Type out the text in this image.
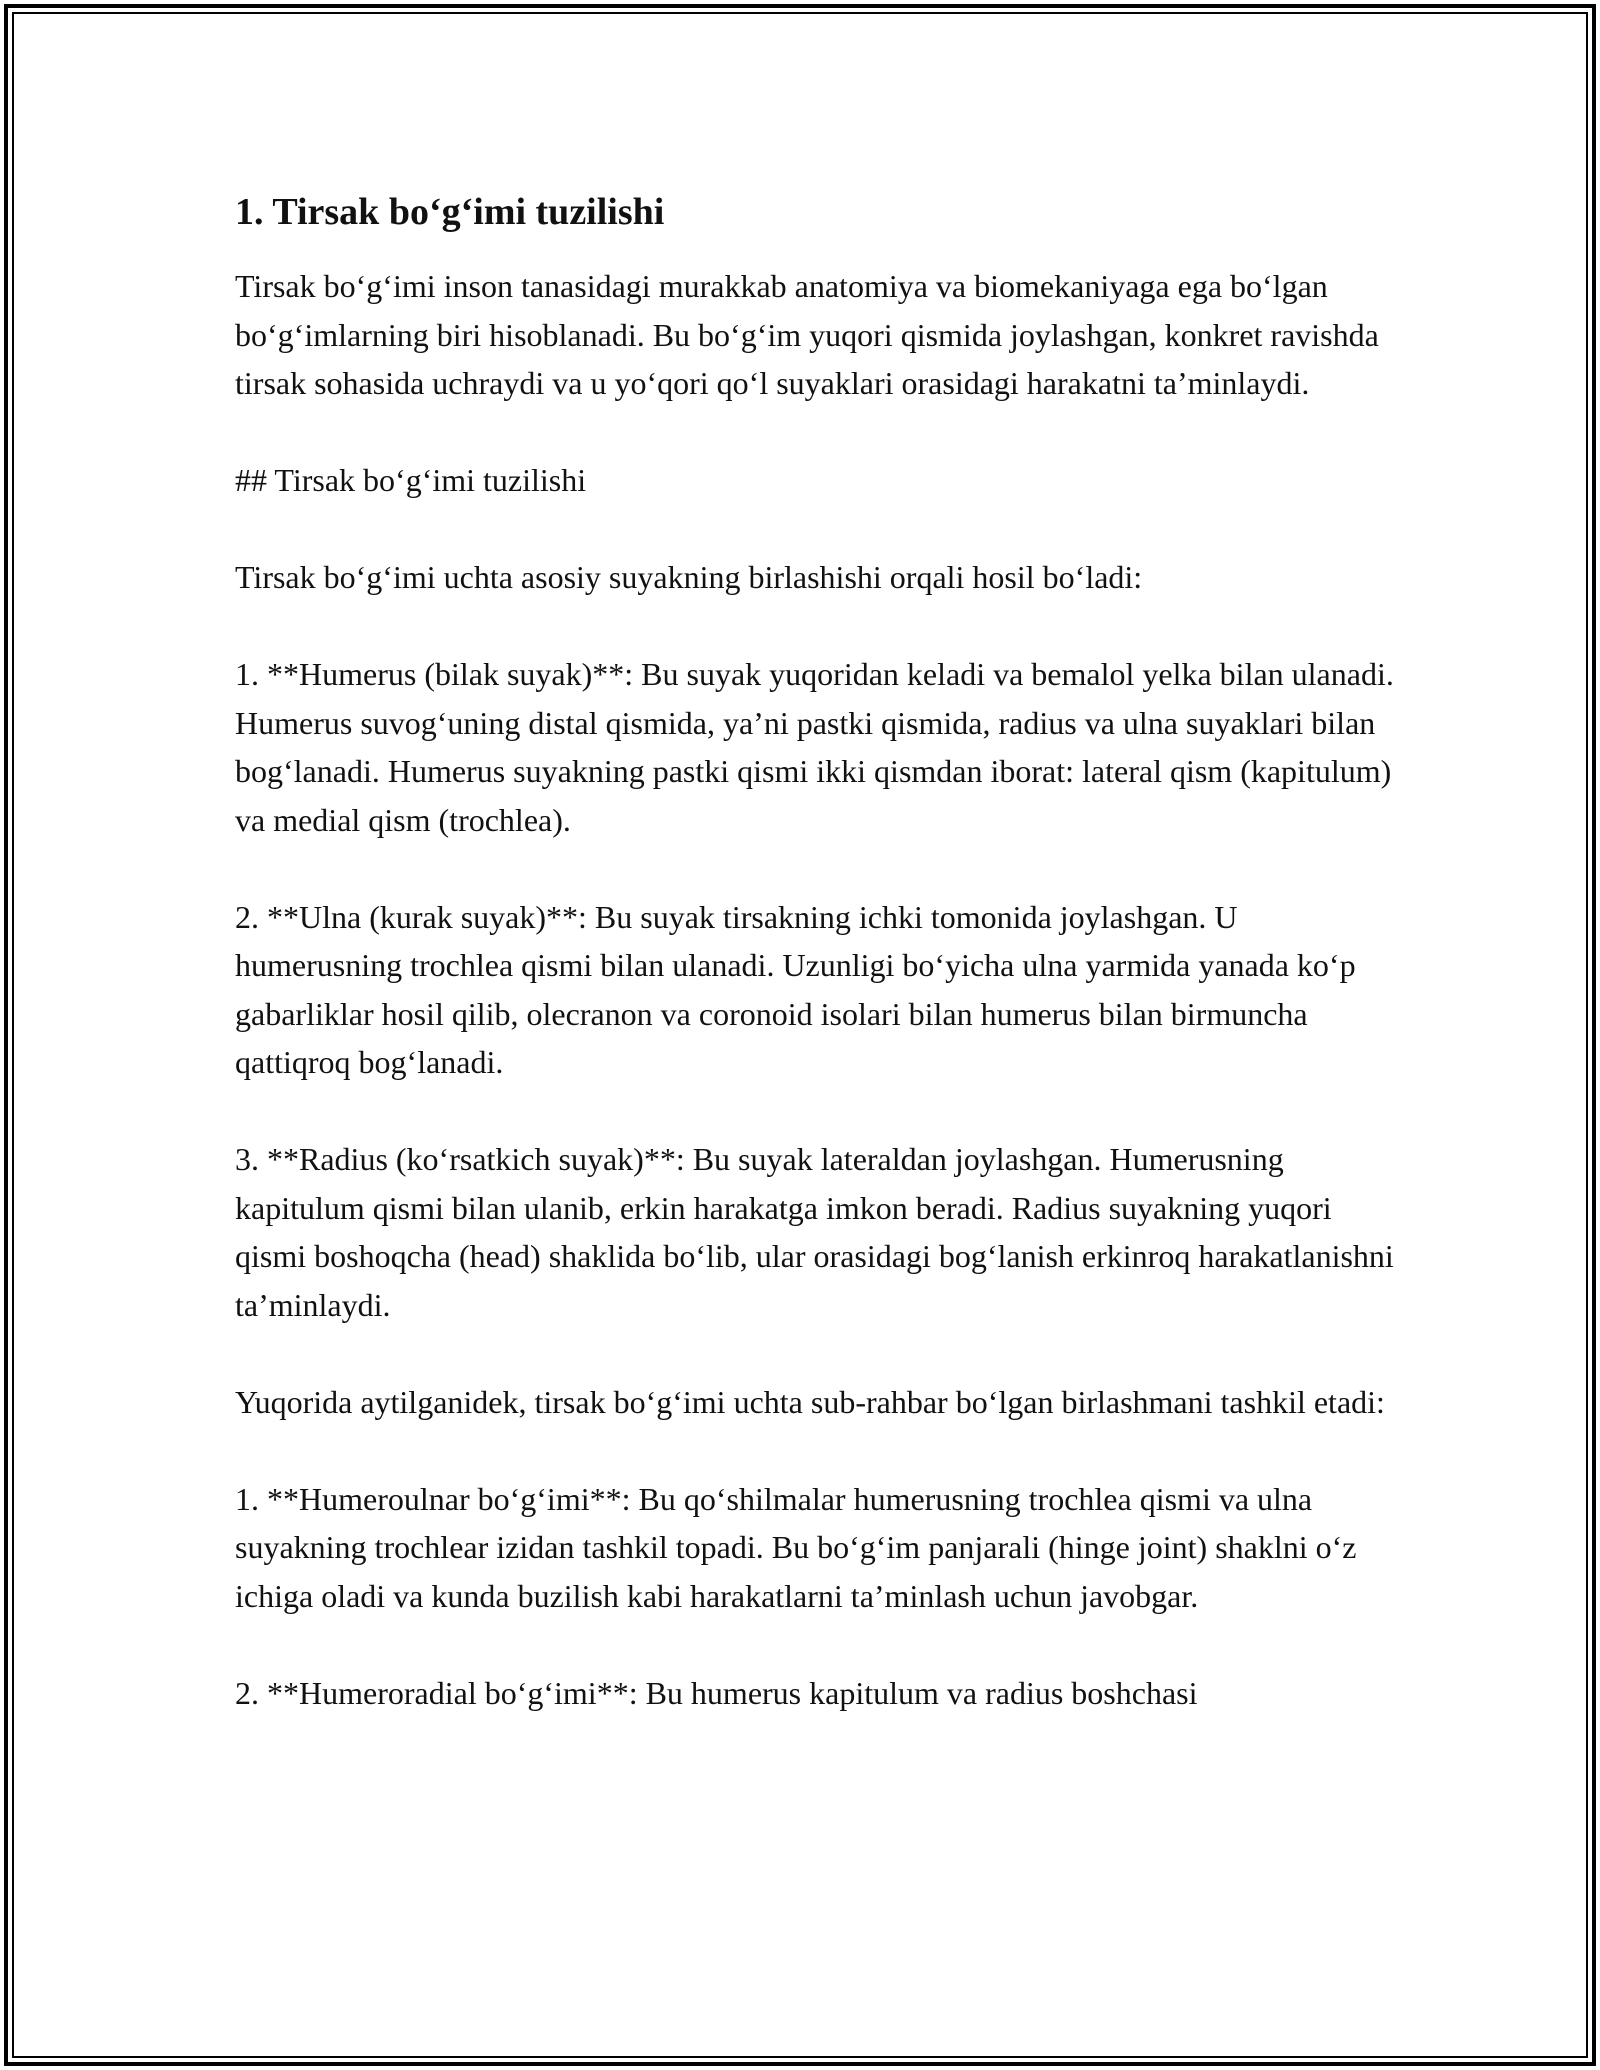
1. Tirsak bo‘g‘imi tuzilishi

Tirsak bo‘g‘imi inson tanasidagi murakkab anatomiya va biomekaniyaga ega bo‘lgan bo‘g‘imlarning biri hisoblanadi. Bu bo‘g‘im yuqori qismida joylashgan, konkret ravishda tirsak sohasida uchraydi va u yo‘qori qo‘l suyaklari orasidagi harakatni ta’minlaydi.

## Tirsak bo‘g‘imi tuzilishi

Tirsak bo‘g‘imi uchta asosiy suyakning birlashishi orqali hosil bo‘ladi:

1. **Humerus (bilak suyak)**: Bu suyak yuqoridan keladi va bemalol yelka bilan ulanadi. Humerus suvog‘uning distal qismida, ya’ni pastki qismida, radius va ulna suyaklari bilan bog‘lanadi. Humerus suyakning pastki qismi ikki qismdan iborat: lateral qism (kapitulum) va medial qism (trochlea).

2. **Ulna (kurak suyak)**: Bu suyak tirsakning ichki tomonida joylashgan. U humerusning trochlea qismi bilan ulanadi. Uzunligi bo‘yicha ulna yarmida yanada ko‘p gabarliklar hosil qilib, olecranon va coronoid isolari bilan humerus bilan birmuncha qattiqroq bog‘lanadi.

3. **Radius (ko‘rsatkich suyak)**: Bu suyak lateraldan joylashgan. Humerusning kapitulum qismi bilan ulanib, erkin harakatga imkon beradi. Radius suyakning yuqori qismi boshoqcha (head) shaklida bo‘lib, ular orasidagi bog‘lanish erkinroq harakatlanishni ta’minlaydi.

Yuqorida aytilganidek, tirsak bo‘g‘imi uchta sub-rahbar bo‘lgan birlashmani tashkil etadi:

1. **Humeroulnar bo‘g‘imi**: Bu qo‘shilmalar humerusning trochlea qismi va ulna suyakning trochlear izidan tashkil topadi. Bu bo‘g‘im panjarali (hinge joint) shaklni o‘z ichiga oladi va kunda buzilish kabi harakatlarni ta’minlash uchun javobgar.

2. **Humeroradial bo‘g‘imi**: Bu humerus kapitulum va radius boshchasi
